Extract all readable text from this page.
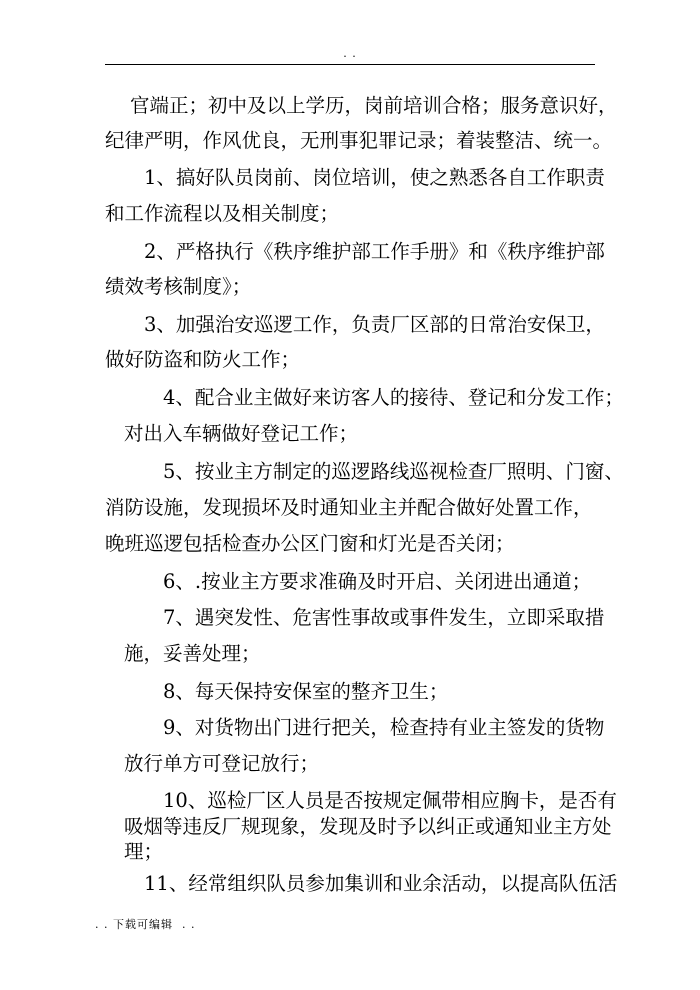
. .
官端正；初中及以上学历，岗前培训合格；服务意识好，
纪律严明，作风优良，无刑事犯罪记录；着装整洁、统一。
1、搞好队员岗前、岗位培训，使之熟悉各自工作职责
和工作流程以及相关制度；
2、严格执行《秩序维护部工作手册》和《秩序维护部
绩效考核制度》；
3、加强治安巡逻工作，负责厂区部的日常治安保卫，
做好防盗和防火工作；
4、配合业主做好来访客人的接待、登记和分发工作；
对出入车辆做好登记工作；
5、按业主方制定的巡逻路线巡视检查厂照明、门窗、
消防设施，发现损坏及时通知业主并配合做好处置工作，
晚班巡逻包括检查办公区门窗和灯光是否关闭；
6、.按业主方要求准确及时开启、关闭进出通道；
7、遇突发性、危害性事故或事件发生，立即采取措
施，妥善处理；
8、每天保持安保室的整齐卫生；
9、对货物出门进行把关，检查持有业主签发的货物
放行单方可登记放行；
10、巡检厂区人员是否按规定佩带相应胸卡，是否有
吸烟等违反厂规现象，发现及时予以纠正或通知业主方处
理；
11、经常组织队员参加集训和业余活动，以提高队伍活
. . 下载可编辑  . .
